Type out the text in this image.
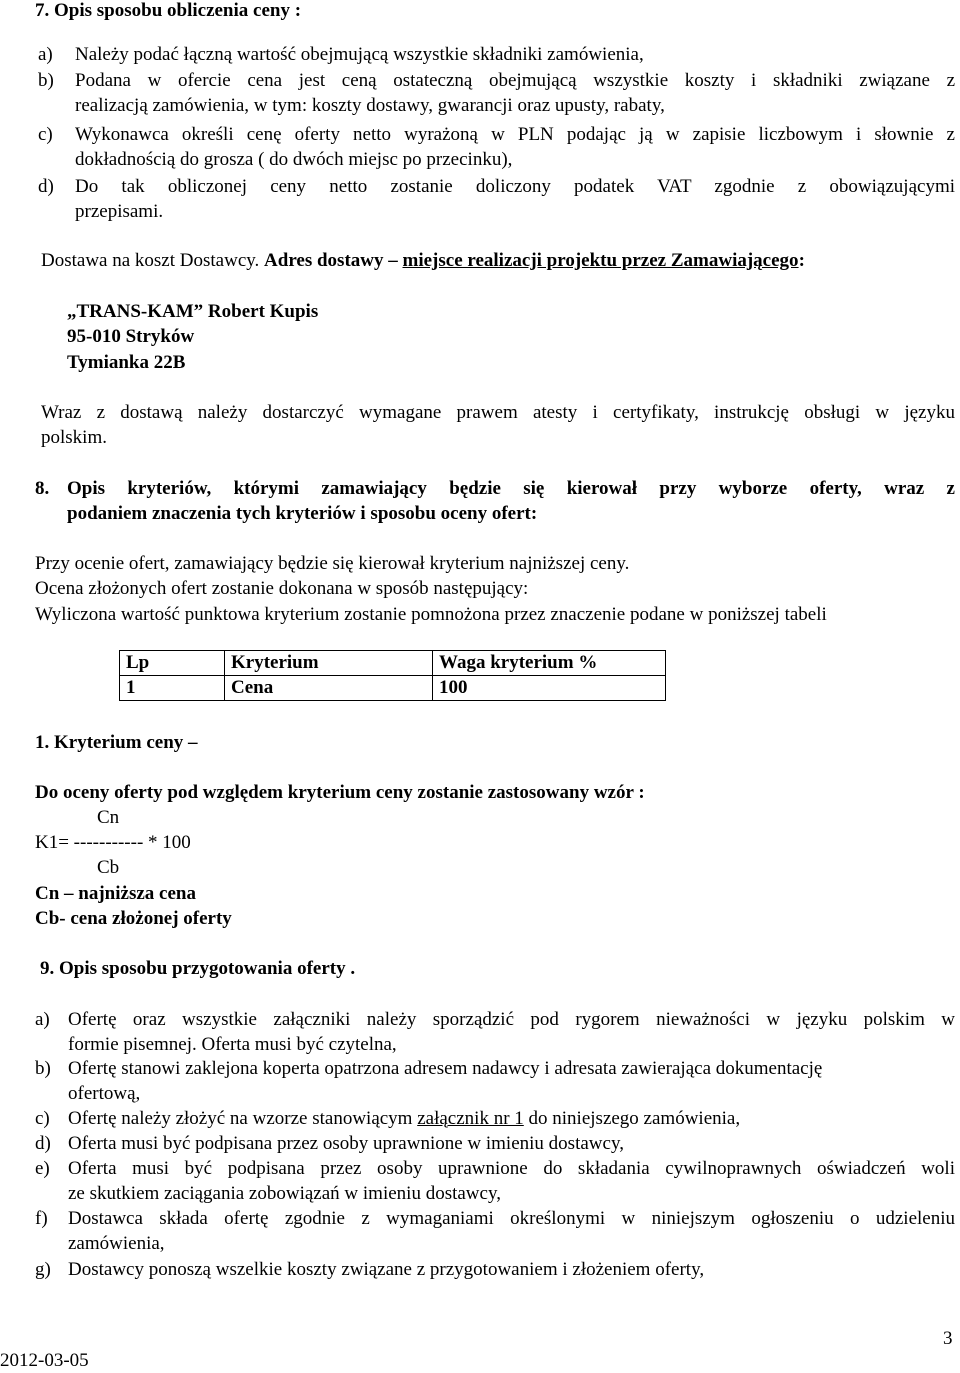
7. Opis sposobu obliczenia ceny :
a) Należy podać łączną wartość obejmującą wszystkie składniki zamówienia,
b) Podana w ofercie cena jest ceną ostateczną obejmującą wszystkie koszty i składniki związane z
realizacją zamówienia, w tym: koszty dostawy, gwarancji oraz upusty, rabaty,
c) Wykonawca określi cenę oferty netto wyrażoną w PLN podając ją w zapisie liczbowym i słownie z
dokładnością do grosza ( do dwóch miejsc po przecinku),
d) Do tak obliczonej ceny netto zostanie doliczony podatek VAT zgodnie z obowiązującymi
przepisami.
Dostawa na koszt Dostawcy. Adres dostawy – miejsce realizacji projektu przez Zamawiającego:
„TRANS-KAM” Robert Kupis
95-010 Stryków
Tymianka 22B
Wraz z dostawą należy dostarczyć wymagane prawem atesty i certyfikaty, instrukcję obsługi w języku
polskim.
8. Opis kryteriów, którymi zamawiający będzie się kierował przy wyborze oferty, wraz z
podaniem znaczenia tych kryteriów i sposobu oceny ofert:
Przy ocenie ofert, zamawiający będzie się kierował kryterium najniższej ceny.
Ocena złożonych ofert zostanie dokonana w sposób następujący:
Wyliczona wartość punktowa kryterium zostanie pomnożona przez znaczenie podane w poniższej tabeli
Lp	Kryterium	Waga kryterium %
1	Cena	100
1. Kryterium ceny –
Do oceny oferty pod względem kryterium ceny zostanie zastosowany wzór :
Cn
K1= ----------- * 100
Cb
Cn – najniższa cena
Cb- cena złożonej oferty
9. Opis sposobu przygotowania oferty .
a) Ofertę oraz wszystkie załączniki należy sporządzić pod rygorem nieważności w języku polskim w
formie pisemnej. Oferta musi być czytelna,
b) Ofertę stanowi zaklejona koperta opatrzona adresem nadawcy i adresata zawierająca dokumentację
ofertową,
c) Ofertę należy złożyć na wzorze stanowiącym załącznik nr 1 do niniejszego zamówienia,
d) Oferta musi być podpisana przez osoby uprawnione w imieniu dostawcy,
e) Oferta musi być podpisana przez osoby uprawnione do składania cywilnoprawnych oświadczeń woli
ze skutkiem zaciągania zobowiązań w imieniu dostawcy,
f) Dostawca składa ofertę zgodnie z wymaganiami określonymi w niniejszym ogłoszeniu o udzieleniu
zamówienia,
g) Dostawcy ponoszą wszelkie koszty związane z przygotowaniem i złożeniem oferty,
3
2012-03-05
